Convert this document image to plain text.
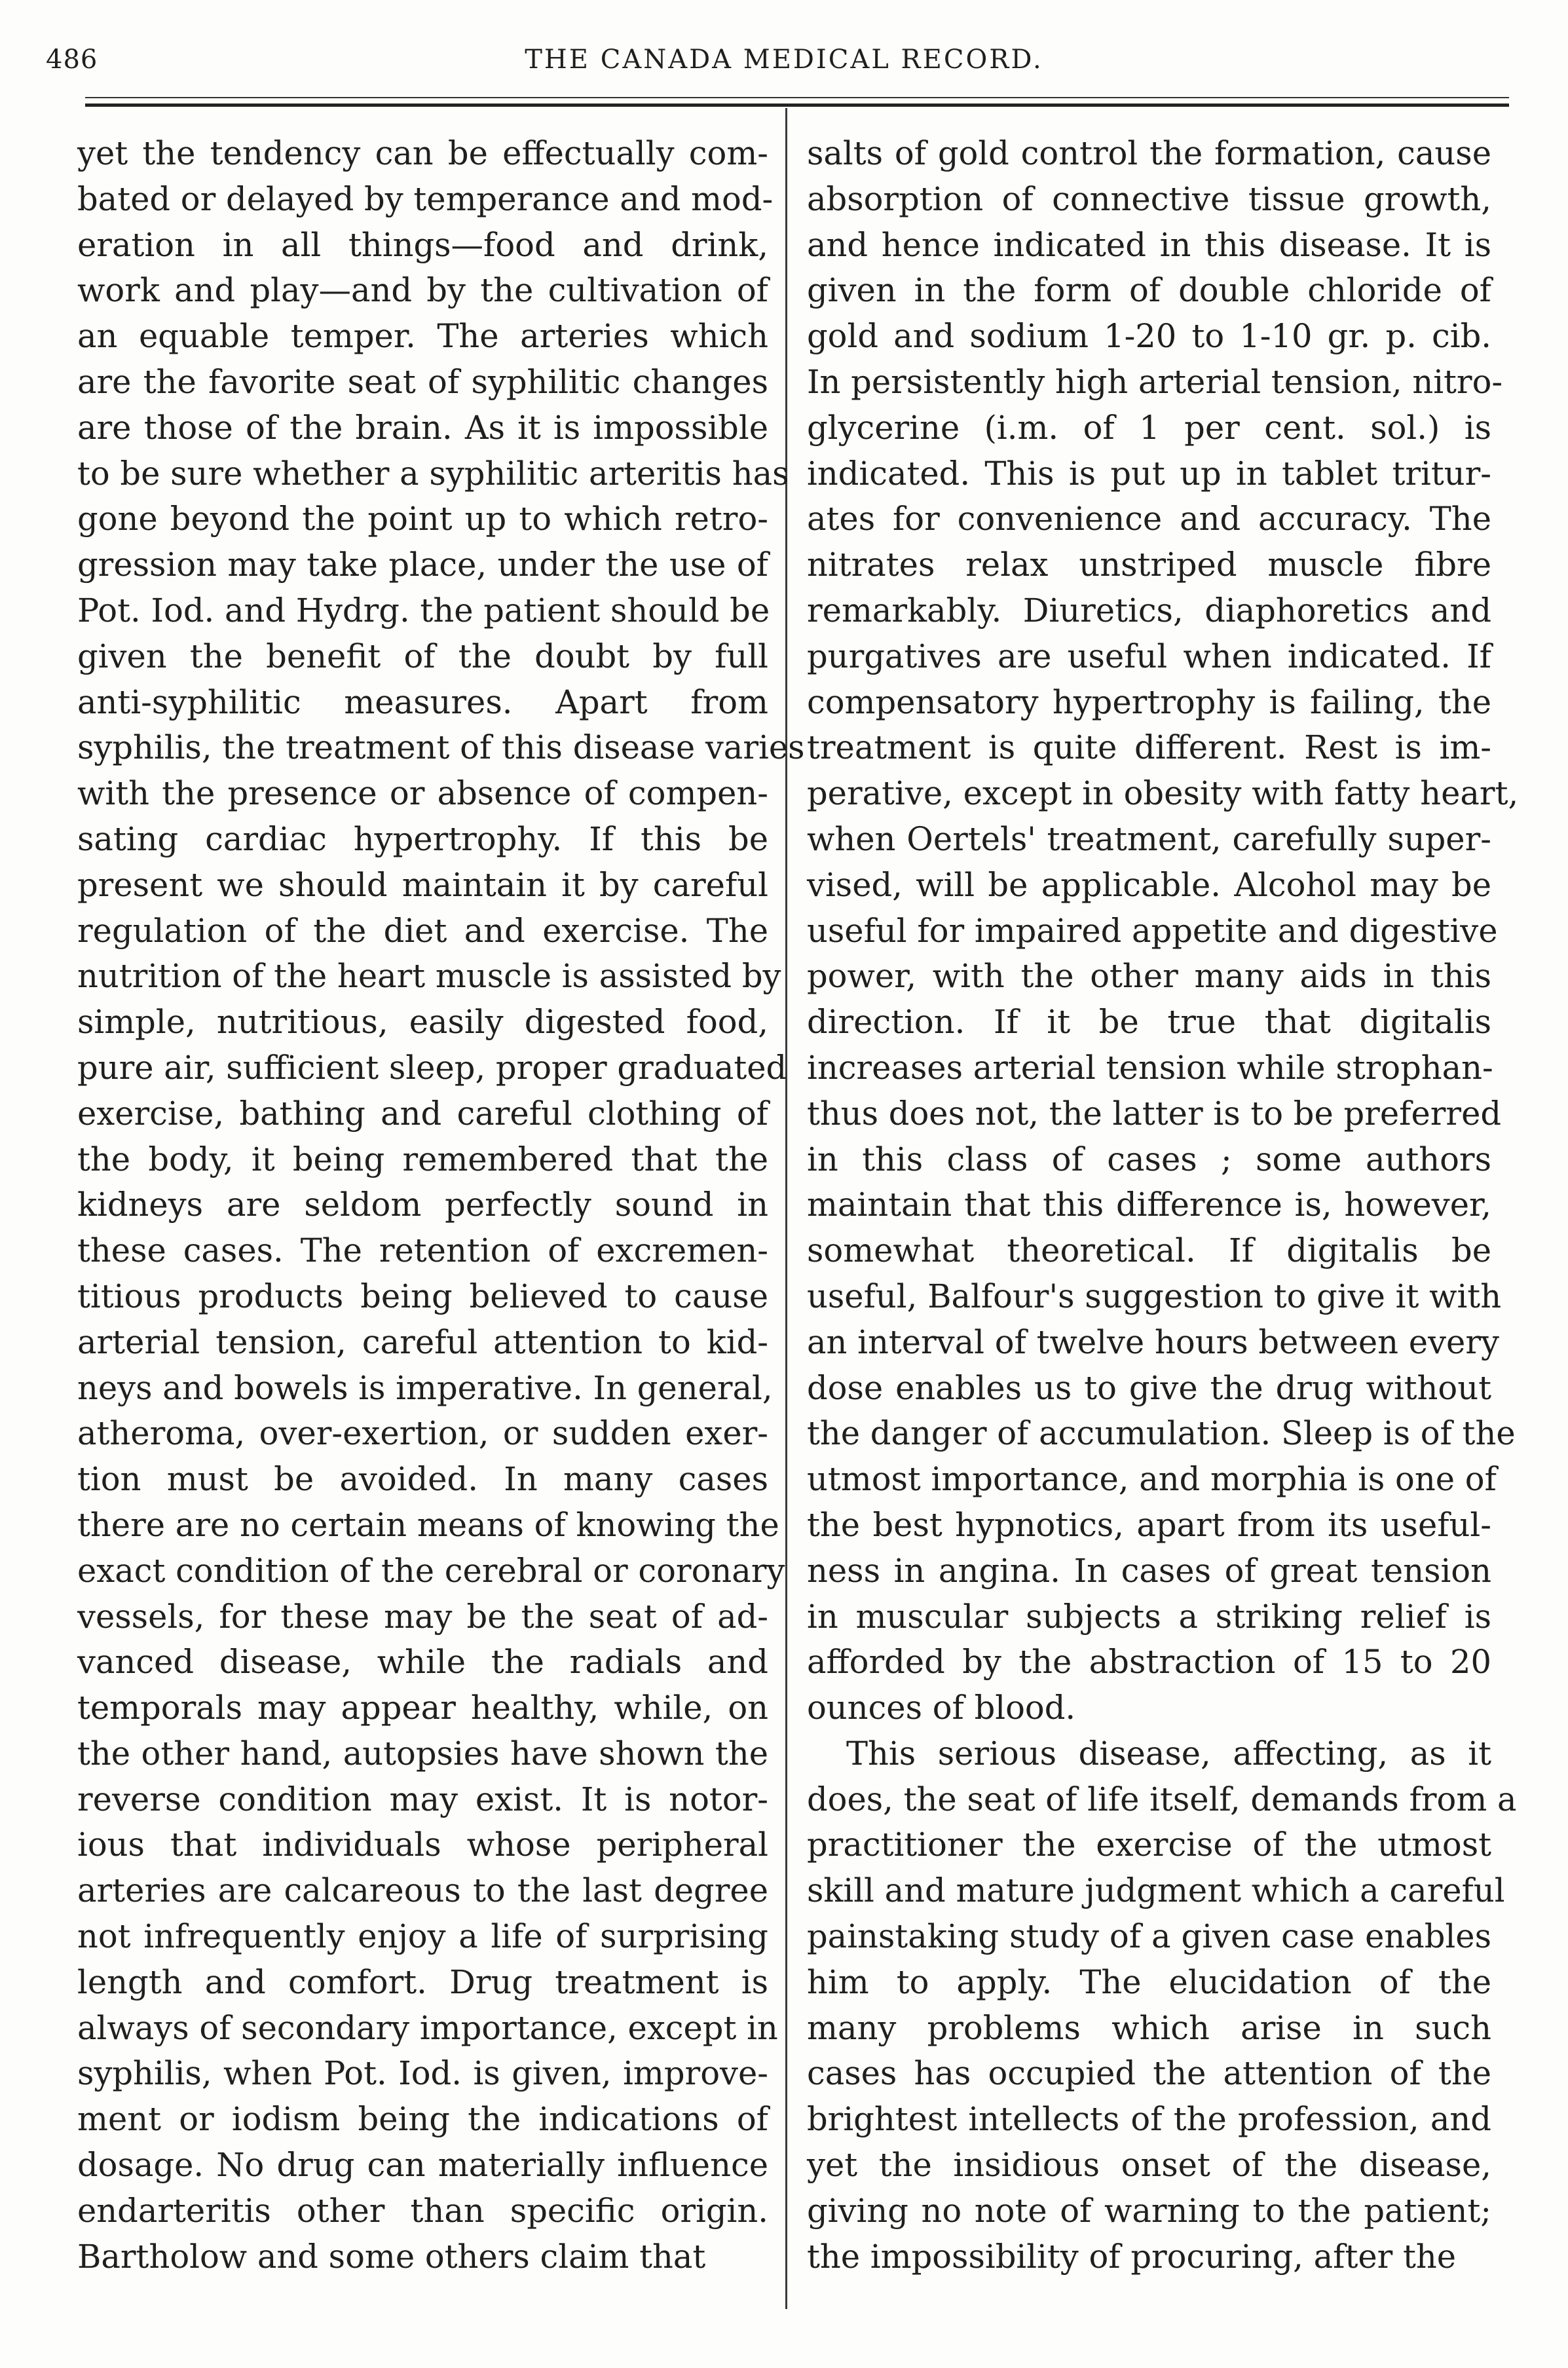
486	THE CANADA MEDICAL RECORD.
yet the tendency can be effectually com-
bated or delayed by temperance and mod-
eration in all things—food and drink,
work and play—and by the cultivation of
an equable temper. The arteries which
are the favorite seat of syphilitic changes
are those of the brain. As it is impossible
to be sure whether a syphilitic arteritis has
gone beyond the point up to which retro-
gression may take place, under the use of
Pot. Iod. and Hydrg. the patient should be
given the benefit of the doubt by full
anti-syphilitic measures. Apart from
syphilis, the treatment of this disease varies
with the presence or absence of compen-
sating cardiac hypertrophy. If this be
present we should maintain it by careful
regulation of the diet and exercise. The
nutrition of the heart muscle is assisted by
simple, nutritious, easily digested food,
pure air, sufficient sleep, proper graduated
exercise, bathing and careful clothing of
the body, it being remembered that the
kidneys are seldom perfectly sound in
these cases. The retention of excremen-
titious products being believed to cause
arterial tension, careful attention to kid-
neys and bowels is imperative. In general,
atheroma, over-exertion, or sudden exer-
tion must be avoided. In many cases
there are no certain means of knowing the
exact condition of the cerebral or coronary
vessels, for these may be the seat of ad-
vanced disease, while the radials and
temporals may appear healthy, while, on
the other hand, autopsies have shown the
reverse condition may exist. It is notor-
ious that individuals whose peripheral
arteries are calcareous to the last degree
not infrequently enjoy a life of surprising
length and comfort. Drug treatment is
always of secondary importance, except in
syphilis, when Pot. Iod. is given, improve-
ment or iodism being the indications of
dosage. No drug can materially influence
endarteritis other than specific origin.
Bartholow and some others claim that
salts of gold control the formation, cause
absorption of connective tissue growth,
and hence indicated in this disease. It is
given in the form of double chloride of
gold and sodium 1-20 to 1-10 gr. p. cib.
In persistently high arterial tension, nitro-
glycerine (i.m. of 1 per cent. sol.) is
indicated. This is put up in tablet tritur-
ates for convenience and accuracy. The
nitrates relax unstriped muscle fibre
remarkably. Diuretics, diaphoretics and
purgatives are useful when indicated. If
compensatory hypertrophy is failing, the
treatment is quite different. Rest is im-
perative, except in obesity with fatty heart,
when Oertels' treatment, carefully super-
vised, will be applicable. Alcohol may be
useful for impaired appetite and digestive
power, with the other many aids in this
direction. If it be true that digitalis
increases arterial tension while strophan-
thus does not, the latter is to be preferred
in this class of cases ; some authors
maintain that this difference is, however,
somewhat theoretical. If digitalis be
useful, Balfour's suggestion to give it with
an interval of twelve hours between every
dose enables us to give the drug without
the danger of accumulation. Sleep is of the
utmost importance, and morphia is one of
the best hypnotics, apart from its useful-
ness in angina. In cases of great tension
in muscular subjects a striking relief is
afforded by the abstraction of 15 to 20
ounces of blood.
This serious disease, affecting, as it
does, the seat of life itself, demands from a
practitioner the exercise of the utmost
skill and mature judgment which a careful
painstaking study of a given case enables
him to apply. The elucidation of the
many problems which arise in such
cases has occupied the attention of the
brightest intellects of the profession, and
yet the insidious onset of the disease,
giving no note of warning to the patient;
the impossibility of procuring, after the
